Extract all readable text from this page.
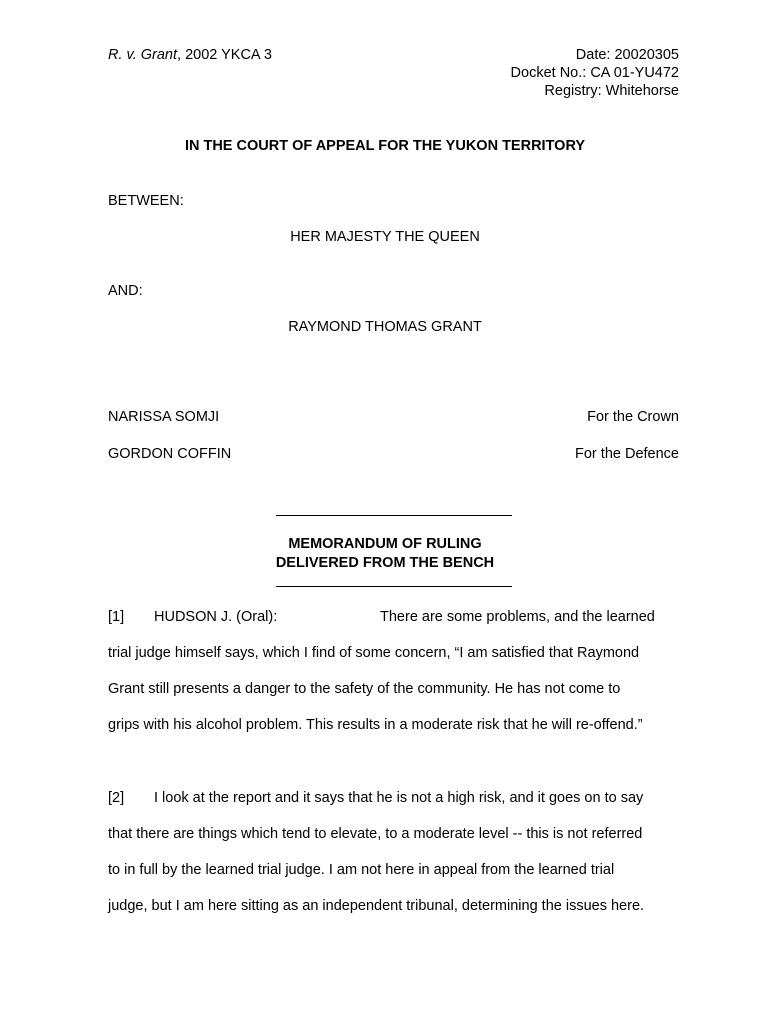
R. v. Grant, 2002 YKCA 3	Date: 20020305
Docket No.: CA 01-YU472
Registry: Whitehorse
IN THE COURT OF APPEAL FOR THE YUKON TERRITORY
BETWEEN:
HER MAJESTY THE QUEEN
AND:
RAYMOND THOMAS GRANT
NARISSA SOMJI	For the Crown
GORDON COFFIN	For the Defence
MEMORANDUM OF RULING
DELIVERED FROM THE BENCH
[1] HUDSON J. (Oral):	There are some problems, and the learned
trial judge himself says, which I find of some concern, “I am satisfied that Raymond
Grant still presents a danger to the safety of the community. He has not come to
grips with his alcohol problem. This results in a moderate risk that he will re-offend.”
[2] I look at the report and it says that he is not a high risk, and it goes on to say
that there are things which tend to elevate, to a moderate level -- this is not referred
to in full by the learned trial judge. I am not here in appeal from the learned trial
judge, but I am here sitting as an independent tribunal, determining the issues here.
